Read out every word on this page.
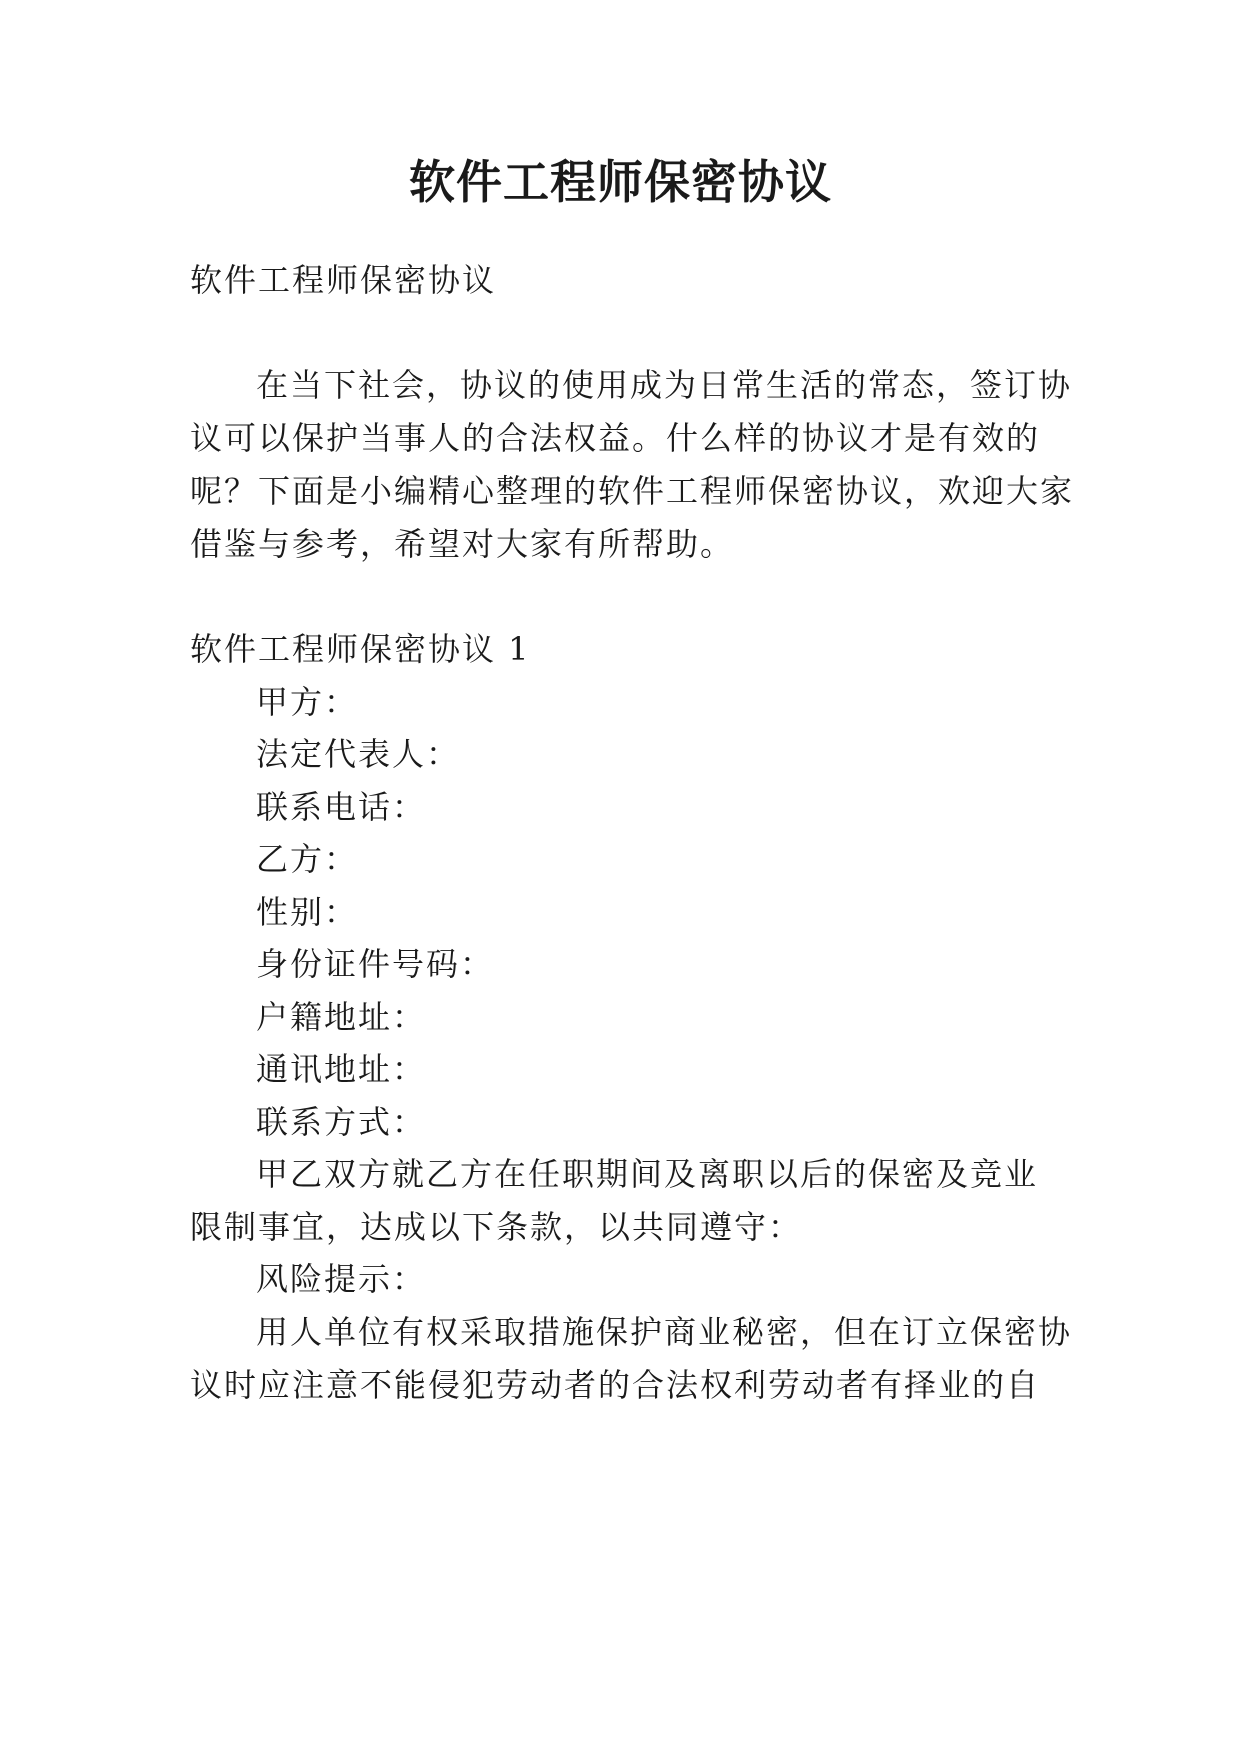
软件工程师保密协议
软件工程师保密协议
在当下社会，协议的使用成为日常生活的常态，签订协
议可以保护当事人的合法权益。什么样的协议才是有效的
呢？下面是小编精心整理的软件工程师保密协议，欢迎大家
借鉴与参考，希望对大家有所帮助。
软件工程师保密协议 1
甲方：
法定代表人：
联系电话：
乙方：
性别：
身份证件号码：
户籍地址：
通讯地址：
联系方式：
甲乙双方就乙方在任职期间及离职以后的保密及竞业
限制事宜，达成以下条款，以共同遵守：
风险提示：
用人单位有权采取措施保护商业秘密，但在订立保密协
议时应注意不能侵犯劳动者的合法权利劳动者有择业的自
